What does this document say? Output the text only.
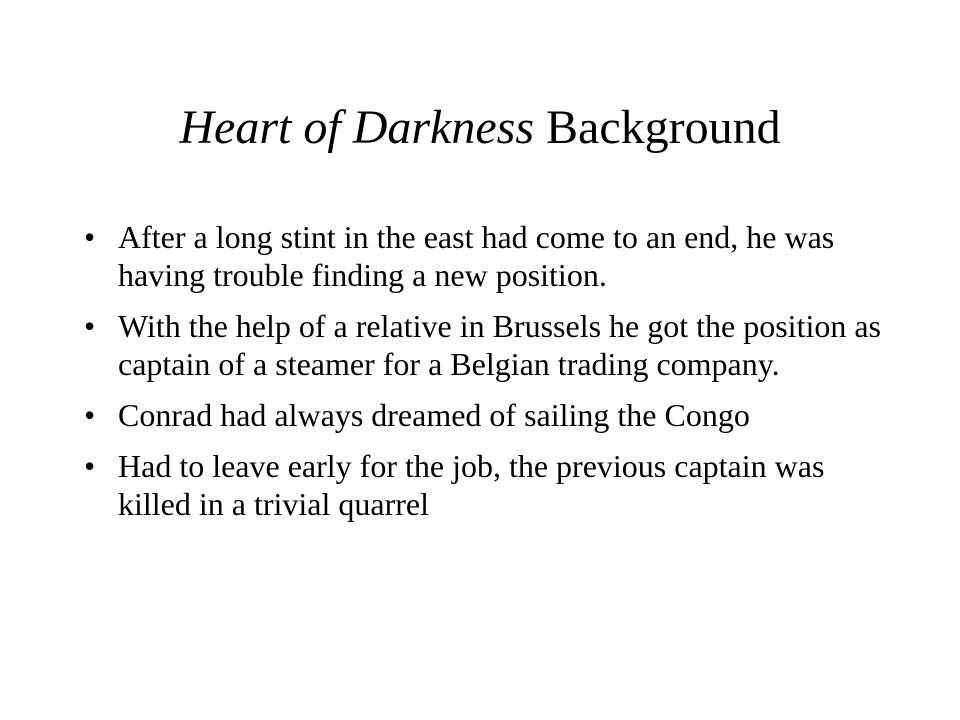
Heart of Darkness Background
• After a long stint in the east had come to an end, he was having trouble finding a new position.
• With the help of a relative in Brussels he got the position as captain of a steamer for a Belgian trading company.
• Conrad had always dreamed of sailing the Congo
• Had to leave early for the job, the previous captain was killed in a trivial quarrel
